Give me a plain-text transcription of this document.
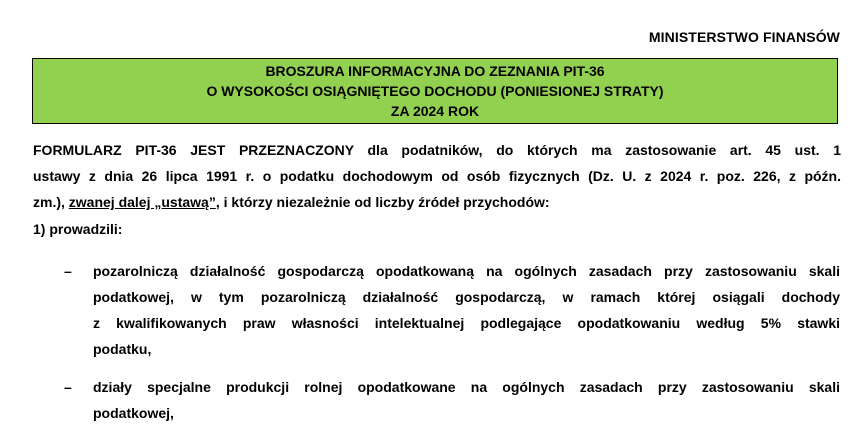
MINISTERSTWO FINANSÓW
BROSZURA INFORMACYJNA DO ZEZNANIA PIT-36
O WYSOKOŚCI OSIĄGNIĘTEGO DOCHODU (PONIESIONEJ STRATY)
ZA 2024 ROK
FORMULARZ PIT-36 JEST PRZEZNACZONY dla podatników, do których ma zastosowanie art. 45 ust. 1
ustawy z dnia 26 lipca 1991 r. o podatku dochodowym od osób fizycznych (Dz. U. z 2024 r. poz. 226, z późn.
zm.), zwanej dalej „ustawą”, i którzy niezależnie od liczby źródeł przychodów:
1) prowadzili:
– pozarolniczą działalność gospodarczą opodatkowaną na ogólnych zasadach przy zastosowaniu skali
podatkowej, w tym pozarolniczą działalność gospodarczą, w ramach której osiągali dochody
z kwalifikowanych praw własności intelektualnej podlegające opodatkowaniu według 5% stawki
podatku,
– działy specjalne produkcji rolnej opodatkowane na ogólnych zasadach przy zastosowaniu skali
podatkowej,
